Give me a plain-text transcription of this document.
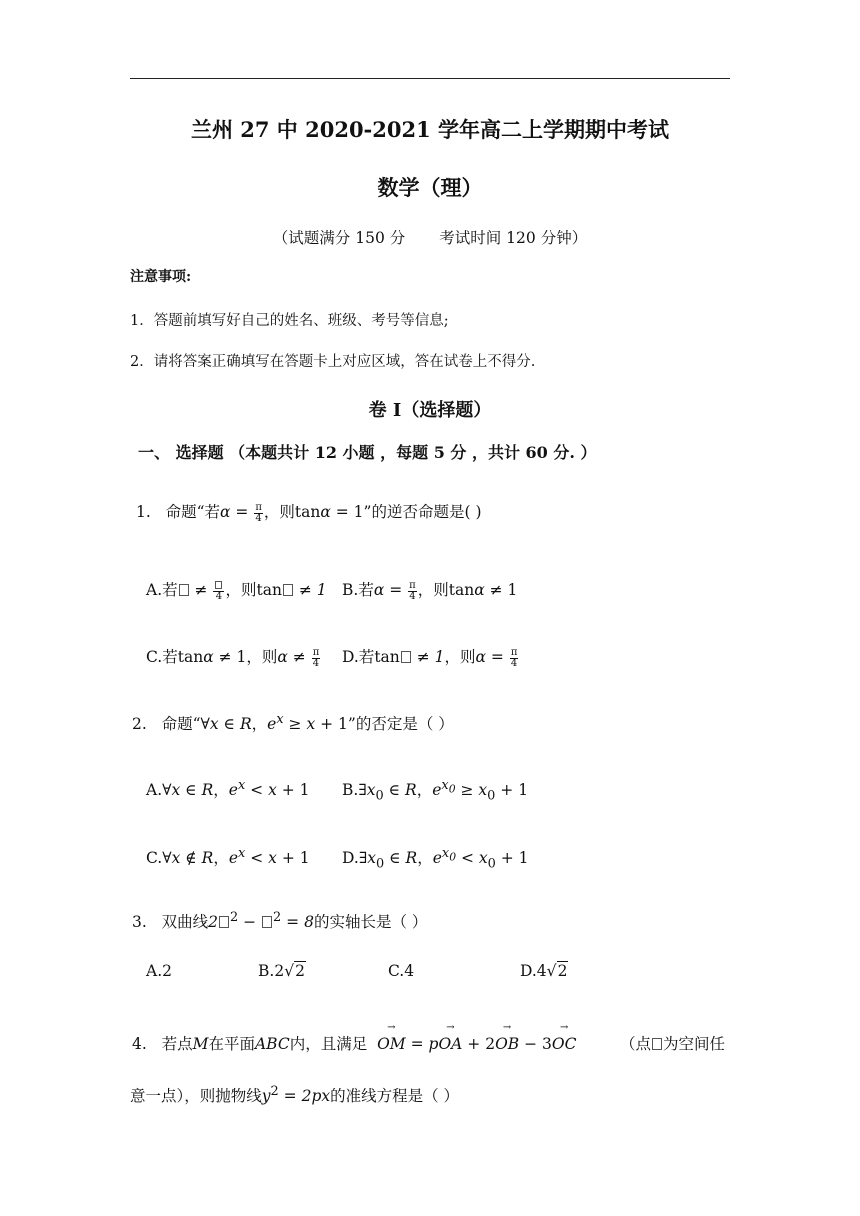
兰州 27 中 2020-2021 学年高二上学期期中考试
数学（理）
（试题满分 150 分 考试时间 120 分钟）
注意事项:
1．答题前填写好自己的姓名、班级、考号等信息;
2．请将答案正确填写在答题卡上对应区域，答在试卷上不得分.
卷 I（选择题）
一、 选择题 （本题共计 12 小题 ，每题 5 分 ，共计 60 分. ）
1. 命题“若$\alpha = \frac{\pi}{4}$ ，则tanα = 1”的逆否命题是( )
A.若 ≠ 4 ，则tan ≠ 1 B.若$\alpha = \frac{\pi}{4}$ ，则tanα ≠ 1
C.若tanα ≠ 1，则$\alpha \ne \frac{\pi}{4} D$.若tan ≠ 1，则$\alpha = \frac{\pi}{4}$
2. 命题“∀x ∈ R，$e^x \ge x + 1$”的否定是（ ）
A.∀x ∈ R，$e^x < x + 1$ $B.\exists x_0$ ∈ R，$e^{x_0} \ge x_0 + 1$
C.∀x ∉ R，$e^x < x + 1$ $D.\exists x_0$ ∈ R，$e^{x_0} < x_0 + 1$
3. 双曲线2 $^2$ − $^2$ = 8的实轴长是（ ）
A.2	B.2√2	C.4	D.4√2
4. 若点M在平面ABC内，且满足  → OM = p→ OA + 2→ OB − 3→ OC	（点 为空间任
意一点），则抛物线$y^2 = 2px$的准线方程是（ ）
